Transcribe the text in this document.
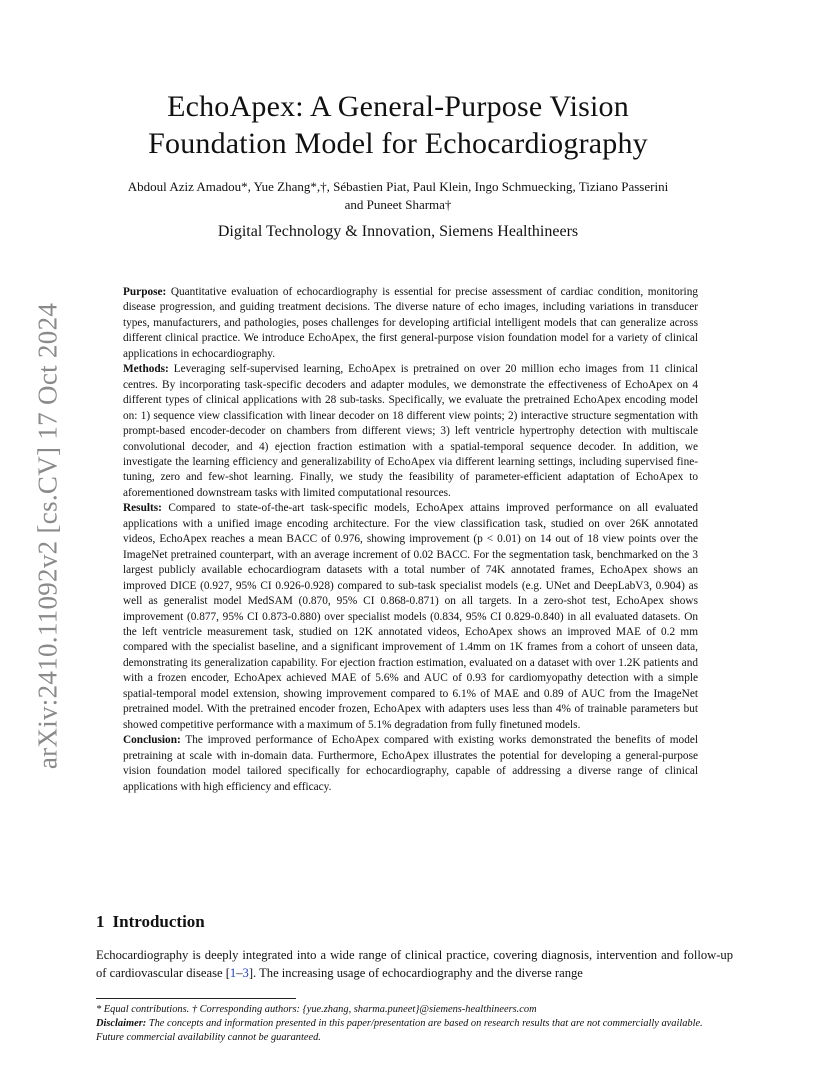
arXiv:2410.11092v2 [cs.CV] 17 Oct 2024
EchoApex: A General-Purpose Vision
Foundation Model for Echocardiography
Abdoul Aziz Amadou*, Yue Zhang*,†, Sébastien Piat, Paul Klein, Ingo Schmuecking, Tiziano Passerini
and Puneet Sharma†
Digital Technology & Innovation, Siemens Healthineers

Purpose: Quantitative evaluation of echocardiography is essential for precise assessment of cardiac condition, monitoring disease progression, and guiding treatment decisions. The diverse nature of echo images, including variations in transducer types, manufacturers, and pathologies, poses challenges for developing artificial intelligent models that can generalize across different clinical practice. We introduce EchoApex, the first general-purpose vision foundation model for a variety of clinical applications in echocardiography.

Methods: Leveraging self-supervised learning, EchoApex is pretrained on over 20 million echo images from 11 clinical centres. By incorporating task-specific decoders and adapter modules, we demonstrate the effectiveness of EchoApex on 4 different types of clinical applications with 28 sub-tasks. Specifically, we evaluate the pretrained EchoApex encoding model on: 1) sequence view classification with linear decoder on 18 different view points; 2) interactive structure segmentation with prompt-based encoder-decoder on chambers from different views; 3) left ventricle hypertrophy detection with multiscale convolutional decoder, and 4) ejection fraction estimation with a spatial-temporal sequence decoder. In addition, we investigate the learning efficiency and generalizability of EchoApex via different learning settings, including supervised fine-tuning, zero and few-shot learning. Finally, we study the feasibility of parameter-efficient adaptation of EchoApex to aforementioned downstream tasks with limited computational resources.

Results: Compared to state-of-the-art task-specific models, EchoApex attains improved performance on all evaluated applications with a unified image encoding architecture. For the view classification task, studied on over 26K annotated videos, EchoApex reaches a mean BACC of 0.976, showing improvement (p < 0.01) on 14 out of 18 view points over the ImageNet pretrained counterpart, with an average increment of 0.02 BACC. For the segmentation task, benchmarked on the 3 largest publicly available echocardiogram datasets with a total number of 74K annotated frames, EchoApex shows an improved DICE (0.927, 95% CI 0.926-0.928) compared to sub-task specialist models (e.g. UNet and DeepLabV3, 0.904) as well as generalist model MedSAM (0.870, 95% CI 0.868-0.871) on all targets. In a zero-shot test, EchoApex shows improvement (0.877, 95% CI 0.873-0.880) over specialist models (0.834, 95% CI 0.829-0.840) in all evaluated datasets. On the left ventricle measurement task, studied on 12K annotated videos, EchoApex shows an improved MAE of 0.2 mm compared with the specialist baseline, and a significant improvement of 1.4mm on 1K frames from a cohort of unseen data, demonstrating its generalization capability. For ejection fraction estimation, evaluated on a dataset with over 1.2K patients and with a frozen encoder, EchoApex achieved MAE of 5.6% and AUC of 0.93 for cardiomyopathy detection with a simple spatial-temporal model extension, showing improvement compared to 6.1% of MAE and 0.89 of AUC from the ImageNet pretrained model. With the pretrained encoder frozen, EchoApex with adapters uses less than 4% of trainable parameters but showed competitive performance with a maximum of 5.1% degradation from fully finetuned models.

Conclusion: The improved performance of EchoApex compared with existing works demonstrated the benefits of model pretraining at scale with in-domain data. Furthermore, EchoApex illustrates the potential for developing a general-purpose vision foundation model tailored specifically for echocardiography, capable of addressing a diverse range of clinical applications with high efficiency and efficacy.

1 Introduction

Echocardiography is deeply integrated into a wide range of clinical practice, covering diagnosis, intervention and follow-up of cardiovascular disease [1–3]. The increasing usage of echocardiography and the diverse range

* Equal contributions. † Corresponding authors: {yue.zhang, sharma.puneet}@siemens-healthineers.com

Disclaimer: The concepts and information presented in this paper/presentation are based on research results that are not commercially available. Future commercial availability cannot be guaranteed.
